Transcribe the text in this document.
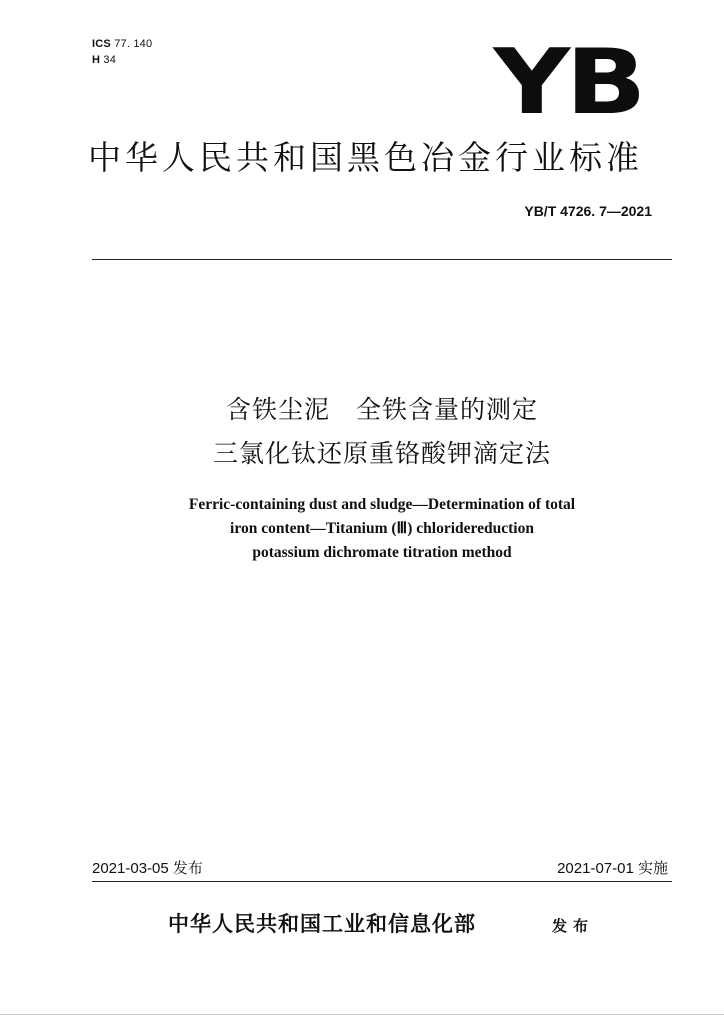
ICS 77. 140
H 34	YB
中华人民共和国黑色冶金行业标准
YB/T 4726. 7—2021
含铁尘泥　全铁含量的测定
三氯化钛还原重铬酸钾滴定法
Ferric-containing dust and sludge—Determination of total
iron content—Titanium (Ⅲ) chloridereduction
potassium dichromate titration method
2021-03-05 发布	2021-07-01 实施
中华人民共和国工业和信息化部	发布
